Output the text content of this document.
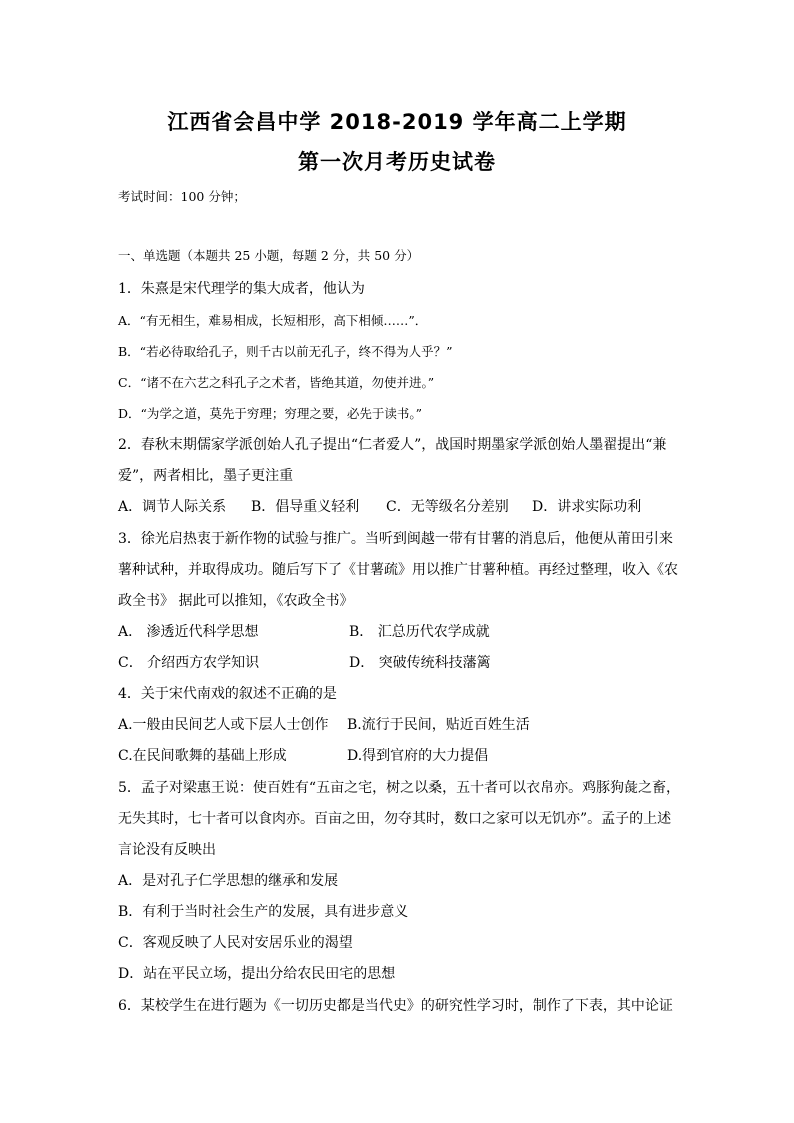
江西省会昌中学 2018-2019 学年高二上学期
第一次月考历史试卷
考试时间：100 分钟；
一、单选题（本题共 25 小题，每题 2 分，共 50 分）
1．朱熹是宋代理学的集大成者，他认为
A．“有无相生，难易相成，长短相形，高下相倾……”．
B．“若必待取给孔子，则千古以前无孔子，终不得为人乎？”
C．“诸不在六艺之科孔子之术者，皆绝其道，勿使并进。”
D．“为学之道，莫先于穷理；穷理之要，必先于读书。”
2．春秋末期儒家学派创始人孔子提出“仁者爱人”，战国时期墨家学派创始人墨翟提出“兼
爱”，两者相比，墨子更注重
A．调节人际关系 B．倡导重义轻利 C．无等级名分差别 D．讲求实际功利
3．徐光启热衷于新作物的试验与推广。当听到闽越一带有甘薯的消息后，他便从莆田引来
薯种试种，并取得成功。随后写下了《甘薯疏》用以推广甘薯种植。再经过整理，收入《农
政全书》 据此可以推知，《农政全书》
A． 渗透近代科学思想	B． 汇总历代农学成就
C． 介绍西方农学知识	D． 突破传统科技藩篱
4．关于宋代南戏的叙述不正确的是
A.一般由民间艺人或下层人士创作 B.流行于民间，贴近百姓生活
C.在民间歌舞的基础上形成	D.得到官府的大力提倡
5．孟子对梁惠王说：使百姓有“五亩之宅，树之以桑，五十者可以衣帛亦。鸡豚狗彘之畜，
无失其时，七十者可以食肉亦。百亩之田，勿夺其时，数口之家可以无饥亦”。孟子的上述
言论没有反映出
A．是对孔子仁学思想的继承和发展
B．有利于当时社会生产的发展，具有进步意义
C．客观反映了人民对安居乐业的渴望
D．站在平民立场，提出分给农民田宅的思想
6．某校学生在进行题为《一切历史都是当代史》的研究性学习时，制作了下表，其中论证
